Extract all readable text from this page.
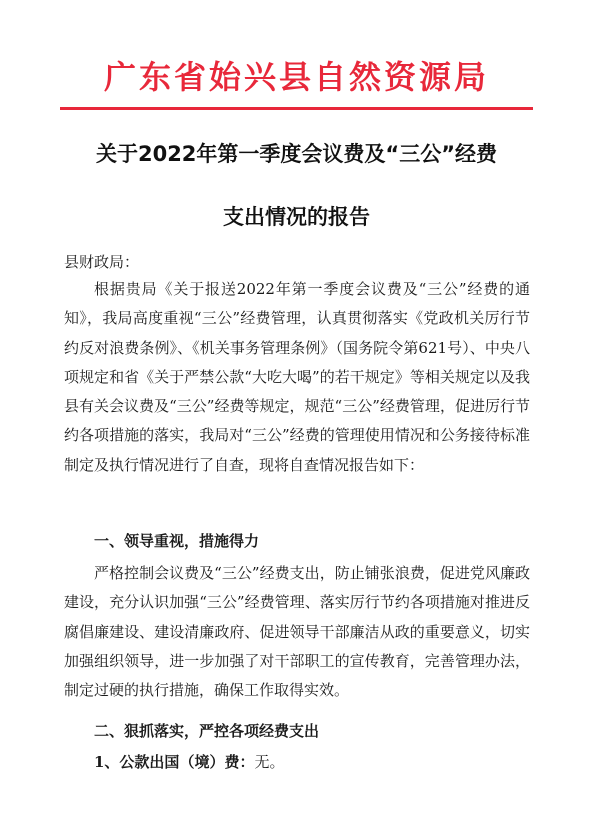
广东省始兴县自然资源局
关于2022年第一季度会议费及“三公”经费
支出情况的报告

县财政局：

根据贵局《关于报送2022年第一季度会议费及“三公”经费的通知》，我局高度重视“三公”经费管理，认真贯彻落实《党政机关厉行节约反对浪费条例》、《机关事务管理条例》（国务院令第621号）、中央八项规定和省《关于严禁公款“大吃大喝”的若干规定》等相关规定以及我县有关会议费及“三公”经费等规定，规范“三公”经费管理，促进厉行节约各项措施的落实，我局对“三公”经费的管理使用情况和公务接待标准制定及执行情况进行了自查，现将自查情况报告如下：

一、领导重视，措施得力

严格控制会议费及“三公”经费支出，防止铺张浪费，促进党风廉政建设，充分认识加强“三公”经费管理、落实厉行节约各项措施对推进反腐倡廉建设、建设清廉政府、促进领导干部廉洁从政的重要意义，切实加强组织领导，进一步加强了对干部职工的宣传教育，完善管理办法，制定过硬的执行措施，确保工作取得实效。

二、狠抓落实，严控各项经费支出

1、公款出国（境）费：无。
